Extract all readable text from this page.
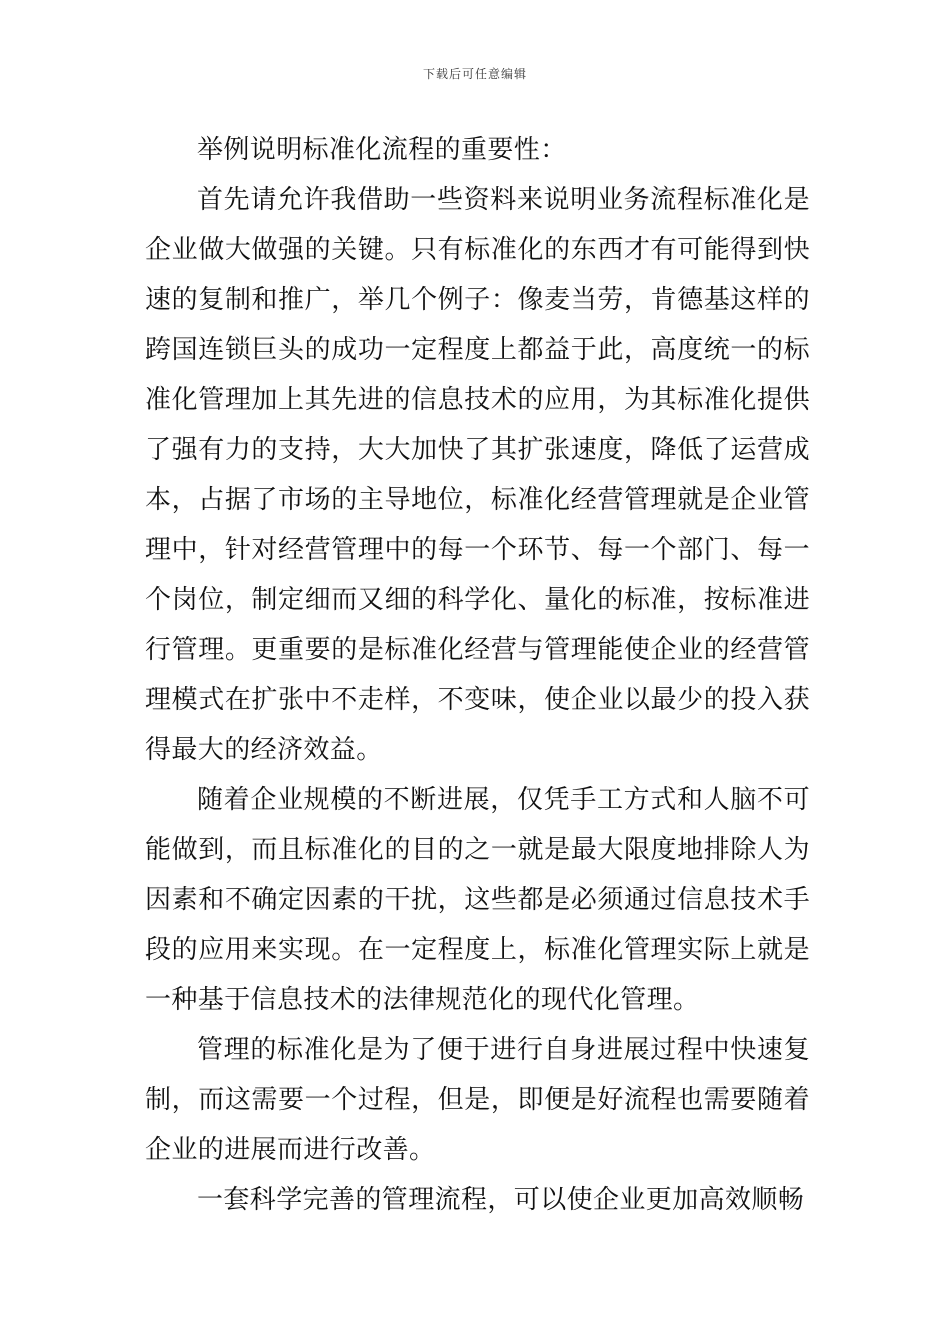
下载后可任意编辑

举例说明标准化流程的重要性：

首先请允许我借助一些资料来说明业务流程标准化是企业做大做强的关键。只有标准化的东西才有可能得到快速的复制和推广，举几个例子：像麦当劳，肯德基这样的跨国连锁巨头的成功一定程度上都益于此，高度统一的标准化管理加上其先进的信息技术的应用，为其标准化提供了强有力的支持，大大加快了其扩张速度，降低了运营成本，占据了市场的主导地位，标准化经营管理就是企业管理中，针对经营管理中的每一个环节、每一个部门、每一个岗位，制定细而又细的科学化、量化的标准，按标准进行管理。更重要的是标准化经营与管理能使企业的经营管理模式在扩张中不走样，不变味，使企业以最少的投入获得最大的经济效益。

随着企业规模的不断进展，仅凭手工方式和人脑不可能做到，而且标准化的目的之一就是最大限度地排除人为因素和不确定因素的干扰，这些都是必须通过信息技术手段的应用来实现。在一定程度上，标准化管理实际上就是一种基于信息技术的法律规范化的现代化管理。

管理的标准化是为了便于进行自身进展过程中快速复制，而这需要一个过程，但是，即便是好流程也需要随着企业的进展而进行改善。

一套科学完善的管理流程，可以使企业更加高效顺畅
